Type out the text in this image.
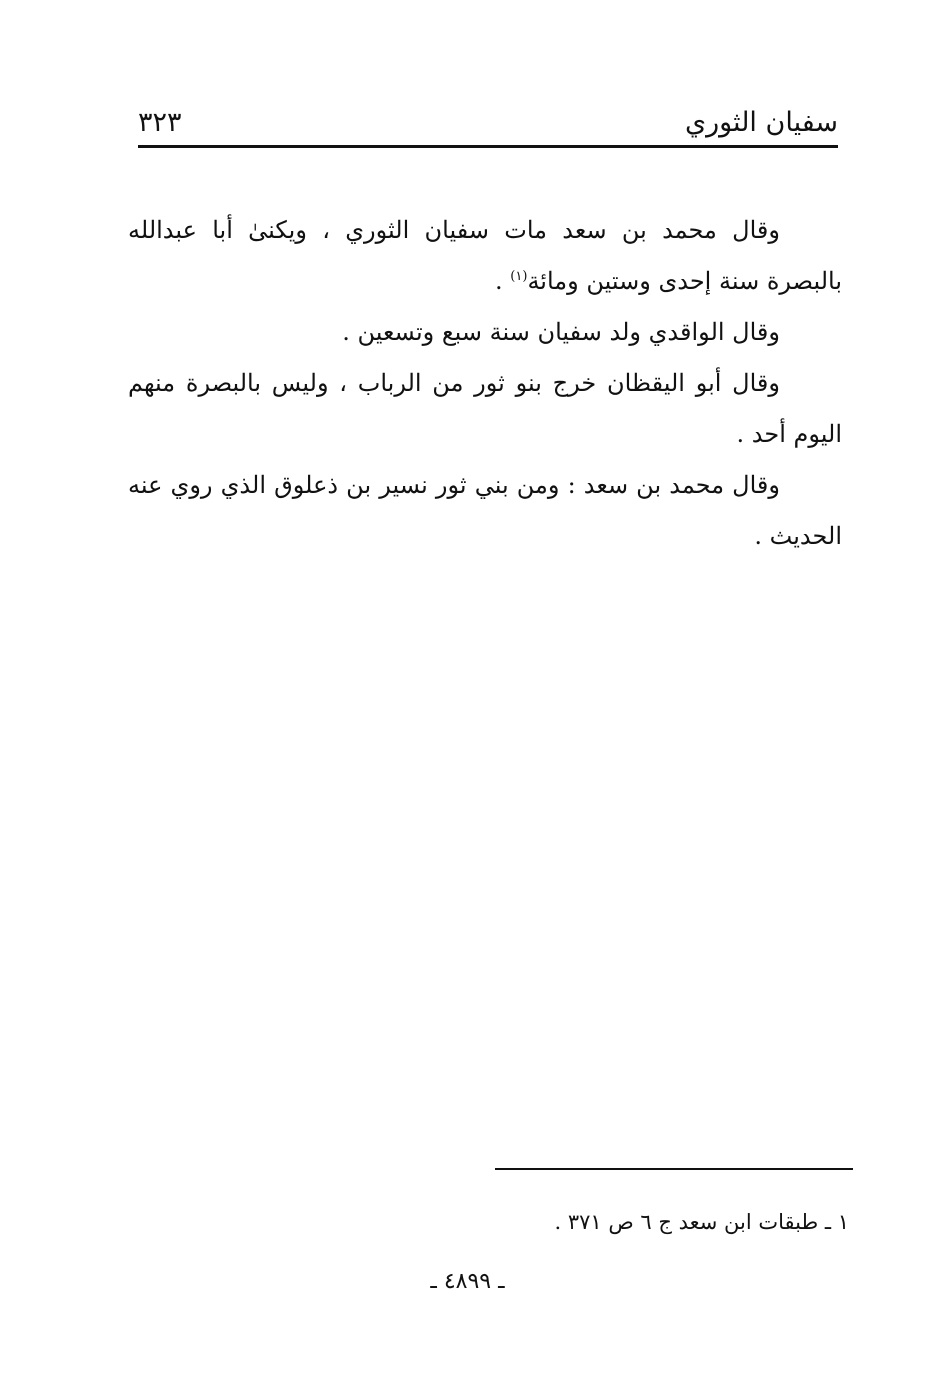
سفيان الثوري
٣٢٣

وقال محمد بن سعد مات سفيان الثوري ، ويكنىٰ أبا عبدالله بالبصرة سنة إحدى وستين ومائة$^{(١)}$ .

وقال الواقدي ولد سفيان سنة سبع وتسعين .

وقال أبو اليقظان خرج بنو ثور من الرباب ، وليس بالبصرة منهم اليوم أحد .

وقال محمد بن سعد : ومن بني ثور نسير بن ذعلوق الذي روي عنه الحديث .

١ ـ طبقات ابن سعد ج ٦ ص ٣٧١ .
ـ ٤٨٩٩ ـ
